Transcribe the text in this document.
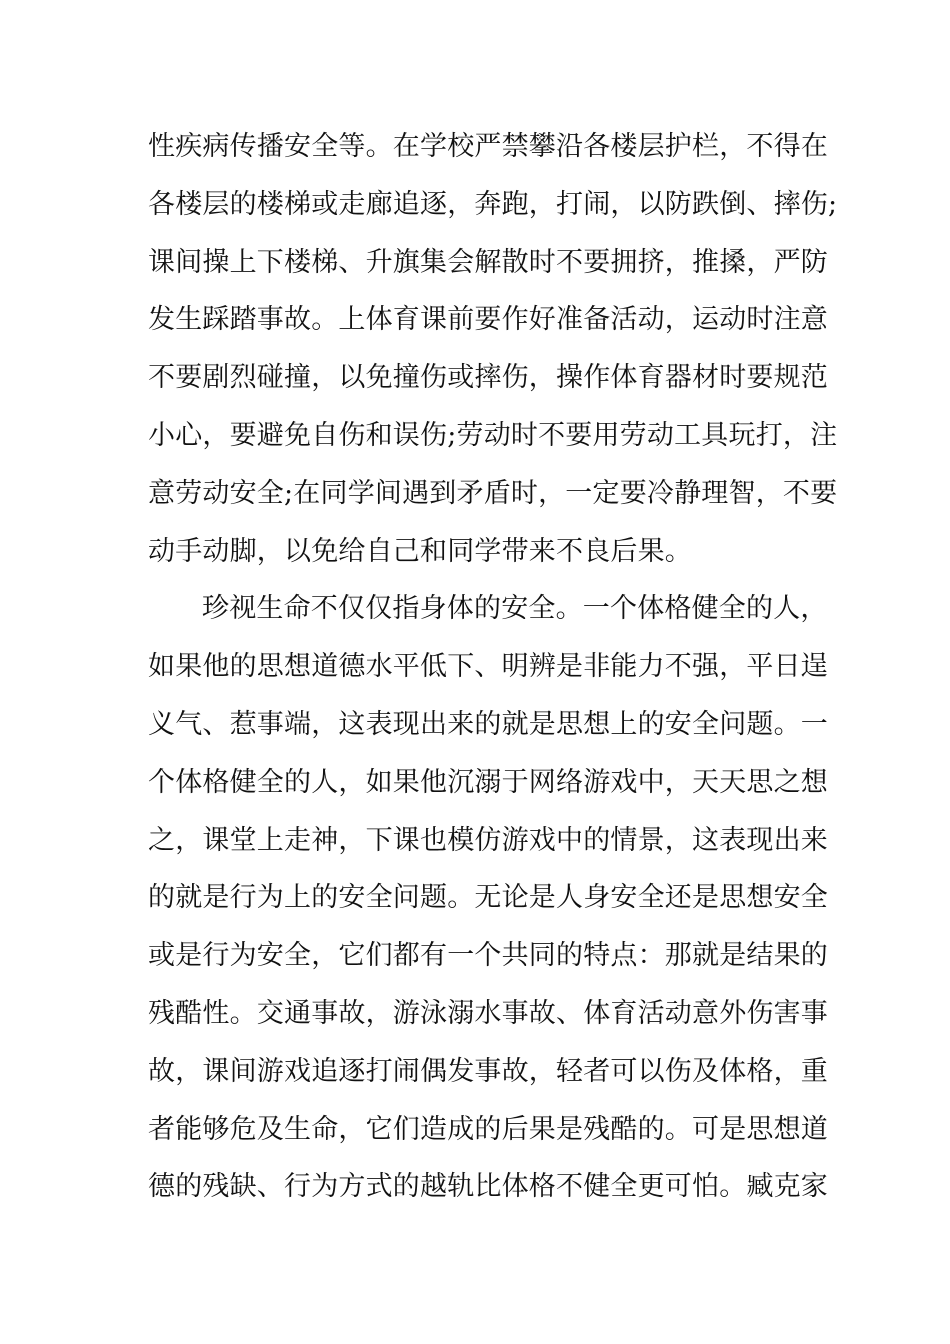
性疾病传播安全等。在学校严禁攀沿各楼层护栏，不得在
各楼层的楼梯或走廊追逐，奔跑，打闹，以防跌倒、摔伤;
课间操上下楼梯、升旗集会解散时不要拥挤，推搡，严防
发生踩踏事故。上体育课前要作好准备活动，运动时注意
不要剧烈碰撞，以免撞伤或摔伤，操作体育器材时要规范
小心，要避免自伤和误伤;劳动时不要用劳动工具玩打，注
意劳动安全;在同学间遇到矛盾时，一定要冷静理智，不要
动手动脚，以免给自己和同学带来不良后果。
珍视生命不仅仅指身体的安全。一个体格健全的人，
如果他的思想道德水平低下、明辨是非能力不强，平日逞
义气、惹事端，这表现出来的就是思想上的安全问题。一
个体格健全的人，如果他沉溺于网络游戏中，天天思之想
之，课堂上走神，下课也模仿游戏中的情景，这表现出来
的就是行为上的安全问题。无论是人身安全还是思想安全
或是行为安全，它们都有一个共同的特点：那就是结果的
残酷性。交通事故，游泳溺水事故、体育活动意外伤害事
故，课间游戏追逐打闹偶发事故，轻者可以伤及体格，重
者能够危及生命，它们造成的后果是残酷的。可是思想道
德的残缺、行为方式的越轨比体格不健全更可怕。臧克家
